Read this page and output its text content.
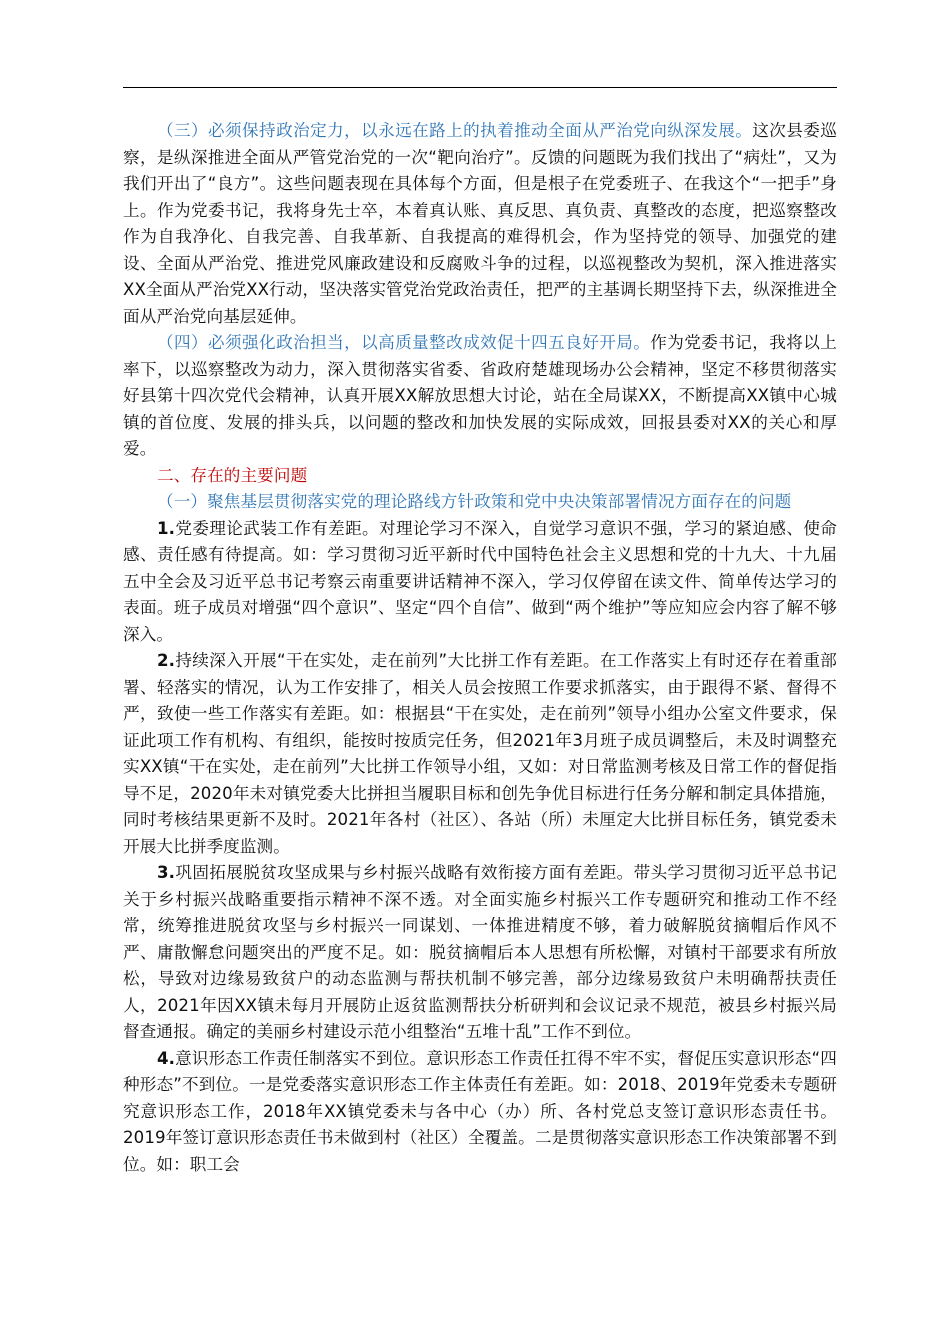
（三）必须保持政治定力，以永远在路上的执着推动全面从严治党向纵深发展。这次县委巡察，是纵深推进全面从严管党治党的一次“靶向治疗”。反馈的问题既为我们找出了“病灶”，又为我们开出了“良方”。这些问题表现在具体每个方面，但是根子在党委班子、在我这个“一把手”身上。作为党委书记，我将身先士卒，本着真认账、真反思、真负责、真整改的态度，把巡察整改作为自我净化、自我完善、自我革新、自我提高的难得机会，作为坚持党的领导、加强党的建设、全面从严治党、推进党风廉政建设和反腐败斗争的过程，以巡视整改为契机，深入推进落实XX全面从严治党XX行动，坚决落实管党治党政治责任，把严的主基调长期坚持下去，纵深推进全面从严治党向基层延伸。

（四）必须强化政治担当，以高质量整改成效促十四五良好开局。作为党委书记，我将以上率下，以巡察整改为动力，深入贯彻落实省委、省政府楚雄现场办公会精神，坚定不移贯彻落实好县第十四次党代会精神，认真开展XX解放思想大讨论，站在全局谋XX，不断提高XX镇中心城镇的首位度、发展的排头兵，以问题的整改和加快发展的实际成效，回报县委对XX的关心和厚爱。

二、存在的主要问题

（一）聚焦基层贯彻落实党的理论路线方针政策和党中央决策部署情况方面存在的问题

1.党委理论武装工作有差距。对理论学习不深入，自觉学习意识不强，学习的紧迫感、使命感、责任感有待提高。如：学习贯彻习近平新时代中国特色社会主义思想和党的十九大、十九届五中全会及习近平总书记考察云南重要讲话精神不深入，学习仅停留在读文件、简单传达学习的表面。班子成员对增强“四个意识”、坚定“四个自信”、做到“两个维护”等应知应会内容了解不够深入。

2.持续深入开展“干在实处，走在前列”大比拼工作有差距。在工作落实上有时还存在着重部署、轻落实的情况，认为工作安排了，相关人员会按照工作要求抓落实，由于跟得不紧、督得不严，致使一些工作落实有差距。如：根据县“干在实处，走在前列”领导小组办公室文件要求，保证此项工作有机构、有组织，能按时按质完任务，但2021年3月班子成员调整后，未及时调整充实XX镇“干在实处，走在前列”大比拼工作领导小组，又如：对日常监测考核及日常工作的督促指导不足，2020年未对镇党委大比拼担当履职目标和创先争优目标进行任务分解和制定具体措施，同时考核结果更新不及时。2021年各村（社区）、各站（所）未厘定大比拼目标任务，镇党委未开展大比拼季度监测。

3.巩固拓展脱贫攻坚成果与乡村振兴战略有效衔接方面有差距。带头学习贯彻习近平总书记关于乡村振兴战略重要指示精神不深不透。对全面实施乡村振兴工作专题研究和推动工作不经常，统筹推进脱贫攻坚与乡村振兴一同谋划、一体推进精度不够，着力破解脱贫摘帽后作风不严、庸散懈怠问题突出的严度不足。如：脱贫摘帽后本人思想有所松懈，对镇村干部要求有所放松，导致对边缘易致贫户的动态监测与帮扶机制不够完善，部分边缘易致贫户未明确帮扶责任人，2021年因XX镇未每月开展防止返贫监测帮扶分析研判和会议记录不规范，被县乡村振兴局督查通报。确定的美丽乡村建设示范小组整治“五堆十乱”工作不到位。

4.意识形态工作责任制落实不到位。意识形态工作责任扛得不牢不实，督促压实意识形态“四种形态”不到位。一是党委落实意识形态工作主体责任有差距。如：2018、2019年党委未专题研究意识形态工作，2018年XX镇党委未与各中心（办）所、各村党总支签订意识形态责任书。2019年签订意识形态责任书未做到村（社区）全覆盖。二是贯彻落实意识形态工作决策部署不到位。如：职工会
